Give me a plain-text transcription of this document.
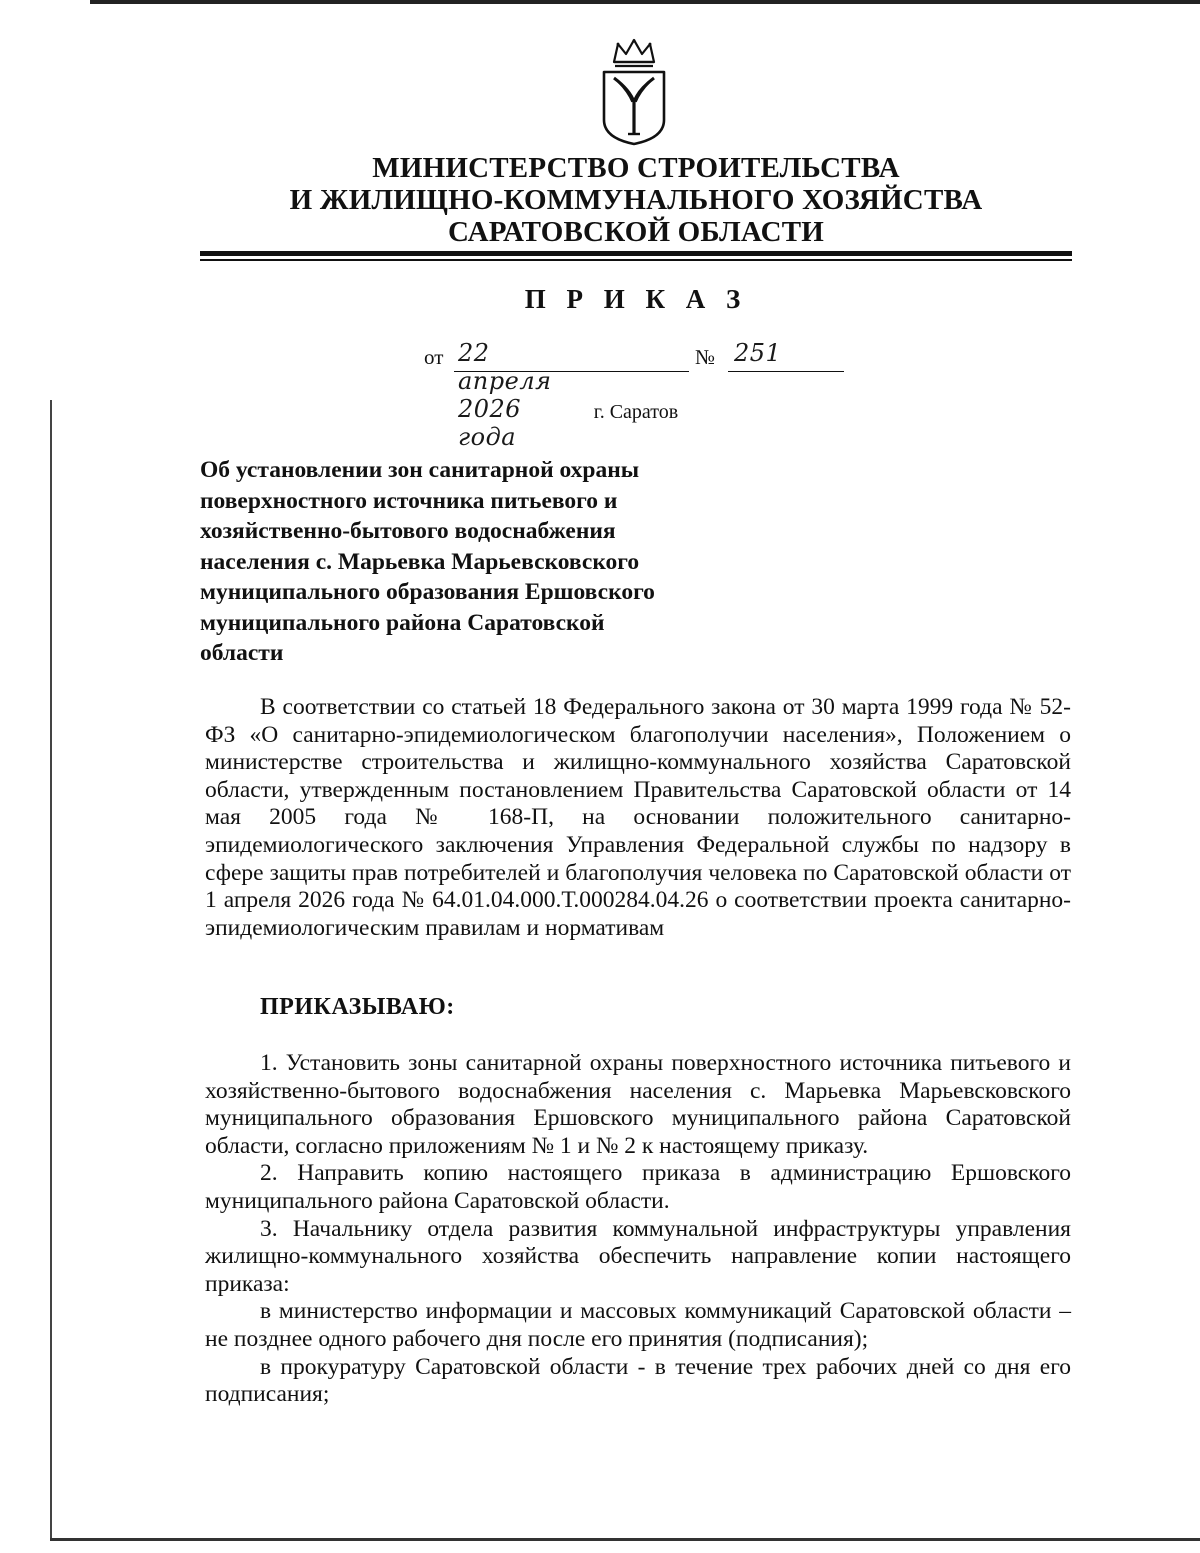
МИНИСТЕРСТВО СТРОИТЕЛЬСТВА
И ЖИЛИЩНО-КОММУНАЛЬНОГО ХОЗЯЙСТВА
САРАТОВСКОЙ ОБЛАСТИ
П Р И К А З
от 22 апреля 2026 года
№ 251
г. Саратов
Об установлении зон санитарной охраны
поверхностного источника питьевого и
хозяйственно-бытового водоснабжения
населения с. Марьевка Марьевсковского
муниципального образования Ершовского
муниципального района Саратовской
области

В соответствии со статьей 18 Федерального закона от 30 марта 1999 года № 52-ФЗ «О санитарно-эпидемиологическом благополучии населения», Положением о министерстве строительства и жилищно-коммунального хозяйства Саратовской области, утвержденным постановлением Правительства Саратовской области от 14 мая 2005 года № 168-П, на основании положительного санитарно-эпидемиологического заключения Управления Федеральной службы по надзору в сфере защиты прав потребителей и благополучия человека по Саратовской области от 1 апреля 2026 года № 64.01.04.000.Т.000284.04.26 о соответствии проекта санитарно-эпидемиологическим правилам и нормативам

ПРИКАЗЫВАЮ:

1. Установить зоны санитарной охраны поверхностного источника питьевого и хозяйственно-бытового водоснабжения населения с. Марьевка Марьевсковского муниципального образования Ершовского муниципального района Саратовской области, согласно приложениям № 1 и № 2 к настоящему приказу.

2. Направить копию настоящего приказа в администрацию Ершовского муниципального района Саратовской области.

3. Начальнику отдела развития коммунальной инфраструктуры управления жилищно-коммунального хозяйства обеспечить направление копии настоящего приказа:

в министерство информации и массовых коммуникаций Саратовской области – не позднее одного рабочего дня после его принятия (подписания);

в прокуратуру Саратовской области - в течение трех рабочих дней со дня его подписания;
